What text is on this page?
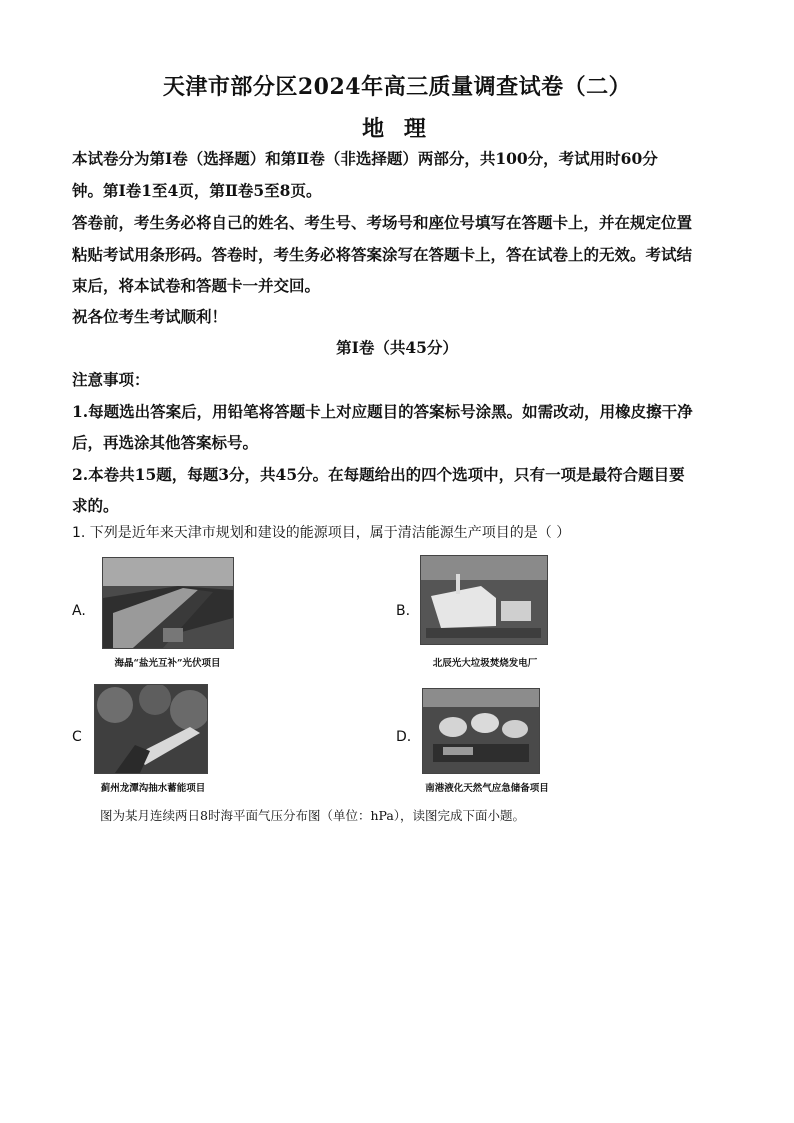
天津市部分区2024年高三质量调查试卷（二）
地 理
本试卷分为第Ⅰ卷（选择题）和第Ⅱ卷（非选择题）两部分，共100分，考试用时60分
钟。第Ⅰ卷1至4页，第Ⅱ卷5至8页。
答卷前，考生务必将自己的姓名、考生号、考场号和座位号填写在答题卡上，并在规定位置
粘贴考试用条形码。答卷时，考生务必将答案涂写在答题卡上，答在试卷上的无效。考试结
束后，将本试卷和答题卡一并交回。
祝各位考生考试顺利！
第Ⅰ卷（共45分）
注意事项：
1.每题选出答案后，用铅笔将答题卡上对应题目的答案标号涂黑。如需改动，用橡皮擦干净
后，再选涂其他答案标号。
2.本卷共15题，每题3分，共45分。在每题给出的四个选项中，只有一项是最符合题目要
求的。
1. 下列是近年来天津市规划和建设的能源项目，属于清洁能源生产项目的是（ ）
A.
海晶“盐光互补”光伏项目
B.
北辰光大垃圾焚烧发电厂
C
蓟州龙潭沟抽水蓄能项目
D.
南港液化天然气应急储备项目
图为某月连续两日8时海平面气压分布图（单位：hPa），读图完成下面小题。
